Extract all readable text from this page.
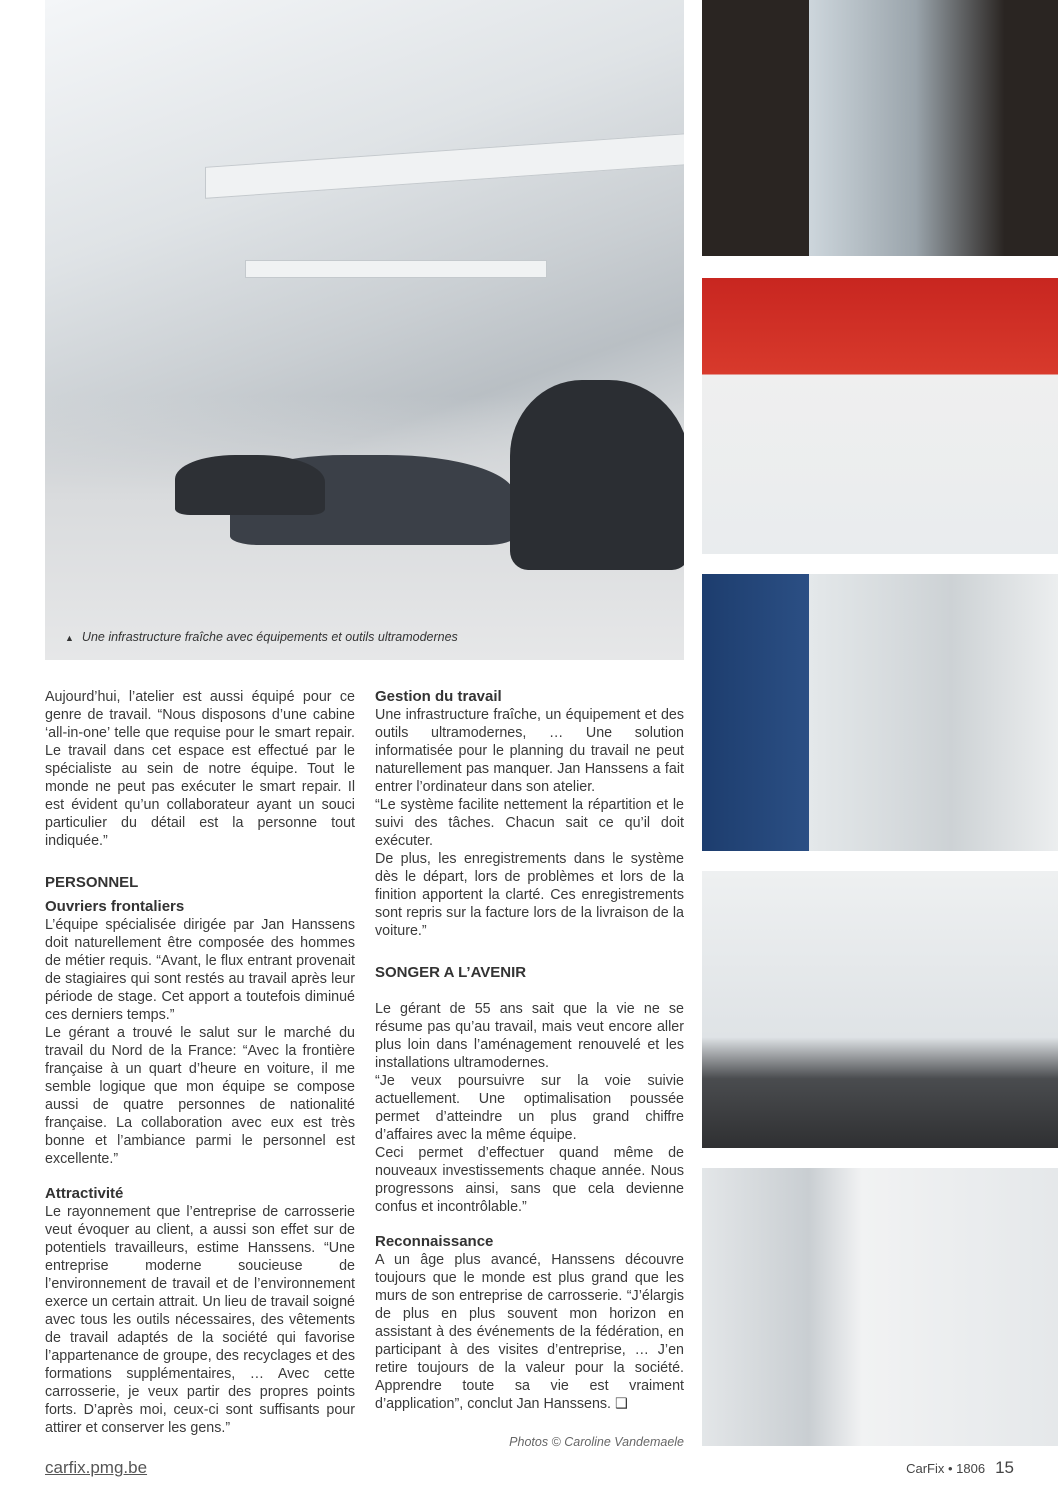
▲ Une infrastructure fraîche avec équipements et outils ultramodernes

Aujourd’hui, l’atelier est aussi équipé pour ce genre de travail. “Nous disposons d’une cabine ‘all-in-one’ telle que requise pour le smart repair. Le travail dans cet espace est effectué par le spécialiste au sein de notre équipe. Tout le monde ne peut pas exécuter le smart repair. Il est évident qu’un collaborateur ayant un souci particulier du détail est la personne tout indiquée.”

PERSONNEL
Ouvriers frontaliers

L’équipe spécialisée dirigée par Jan Hanssens doit naturellement être composée des hommes de métier requis. “Avant, le flux entrant provenait de stagiaires qui sont restés au travail après leur période de stage. Cet apport a toutefois diminué ces derniers temps.”

Le gérant a trouvé le salut sur le marché du travail du Nord de la France: “Avec la frontière française à un quart d’heure en voiture, il me semble logique que mon équipe se compose aussi de quatre personnes de nationalité française. La collaboration avec eux est très bonne et l’ambiance parmi le personnel est excellente.”

Attractivité

Le rayonnement que l’entreprise de carrosserie veut évoquer au client, a aussi son effet sur de potentiels travailleurs, estime Hanssens. “Une entreprise moderne soucieuse de l’environnement de travail et de l’environnement exerce un certain attrait. Un lieu de travail soigné avec tous les outils nécessaires, des vêtements de travail adaptés de la société qui favorise l’appartenance de groupe, des recyclages et des formations supplémentaires, … Avec cette carrosserie, je veux partir des propres points forts. D’après moi, ceux-ci sont suffisants pour attirer et conserver les gens.”

Gestion du travail

Une infrastructure fraîche, un équipement et des outils ultramodernes, … Une solution informatisée pour le planning du travail ne peut naturellement pas manquer. Jan Hanssens a fait entrer l’ordinateur dans son atelier.

“Le système facilite nettement la répartition et le suivi des tâches. Chacun sait ce qu’il doit exécuter.

De plus, les enregistrements dans le système dès le départ, lors de problèmes et lors de la finition apportent la clarté. Ces enregistrements sont repris sur la facture lors de la livraison de la voiture.”

SONGER A L’AVENIR

Le gérant de 55 ans sait que la vie ne se résume pas qu’au travail, mais veut encore aller plus loin dans l’aménagement renouvelé et les installations ultramodernes.

“Je veux poursuivre sur la voie suivie actuellement. Une optimalisation poussée permet d’atteindre un plus grand chiffre d’affaires avec la même équipe.

Ceci permet d’effectuer quand même de nouveaux investissements chaque année. Nous progressons ainsi, sans que cela devienne confus et incontrôlable.”

Reconnaissance

A un âge plus avancé, Hanssens découvre toujours que le monde est plus grand que les murs de son entreprise de carrosserie. “J’élargis de plus en plus souvent mon horizon en assistant à des événements de la fédération, en participant à des visites d’entreprise, … J’en retire toujours de la valeur pour la société. Apprendre toute sa vie est vraiment d’application”, conclut Jan Hanssens. ❑

Photos © Caroline Vandemaele
carfix.pmg.be	CarFix • 1806 15
